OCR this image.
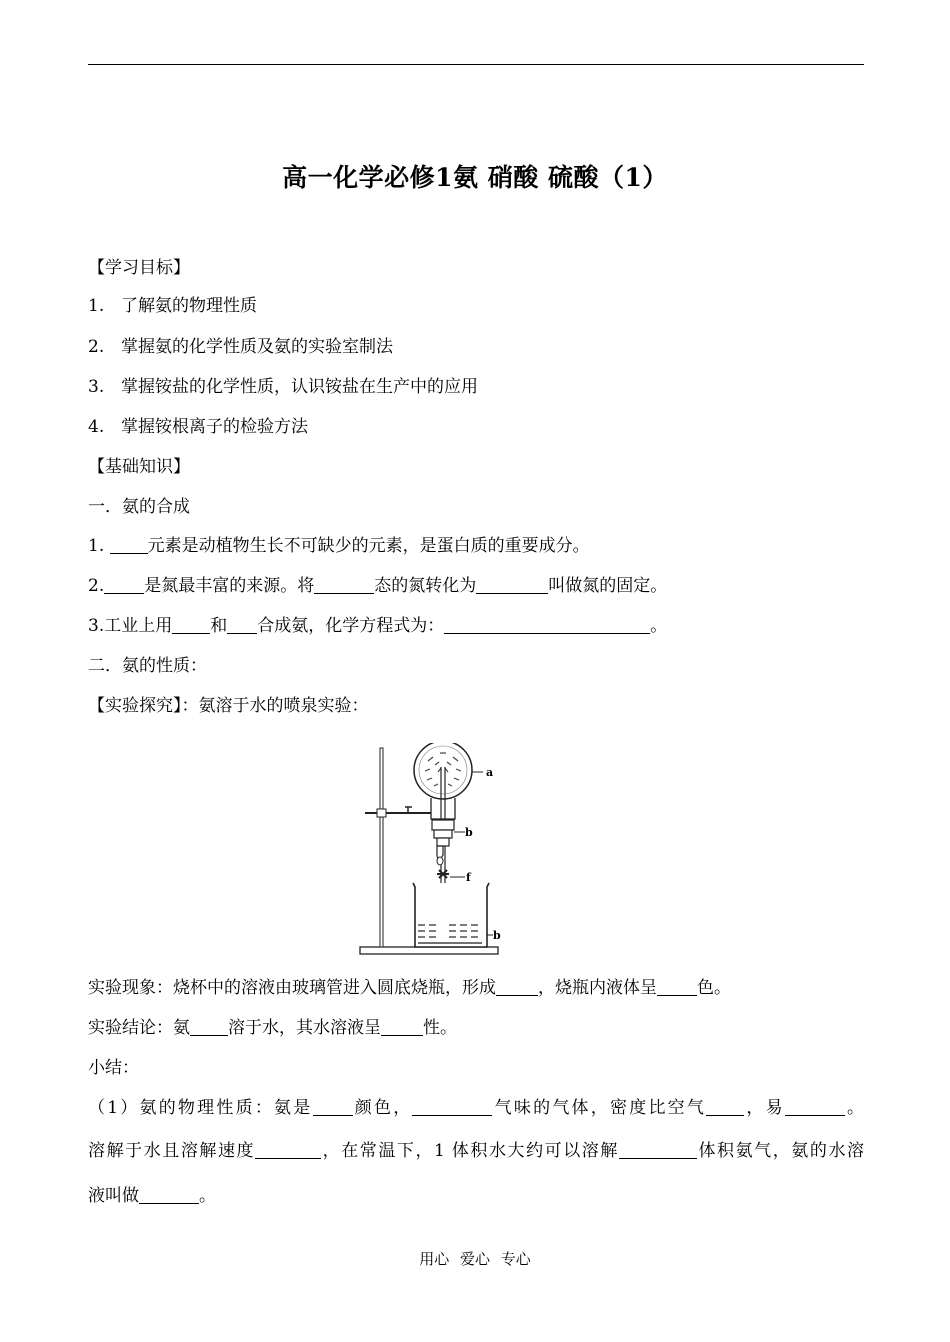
高一化学必修1氨 硝酸 硫酸（1）
【学习目标】
1. 了解氨的物理性质
2. 掌握氨的化学性质及氨的实验室制法
3. 掌握铵盐的化学性质，认识铵盐在生产中的应用
4. 掌握铵根离子的检验方法
【基础知识】
一．氨的合成
1. 元素是动植物生长不可缺少的元素，是蛋白质的重要成分。
2. 是氮最丰富的来源。将	态的氮转化为	叫做氮的固定。
3.工业上用 和 合成氨，化学方程式为：	。
二．氨的性质：
【实验探究】：氨溶于水的喷泉实验：
a
b
f
b
实验现象：烧杯中的溶液由玻璃管进入圆底烧瓶，形成 ，烧瓶内液体呈 色。
实验结论：氨 溶于水，其水溶液呈 性。
小结：
（1）氨的物理性质：氨是 颜色，	气味的气体，密度比空气 ，易	。
溶解于水且溶解速度	，在常温下，1 体积水大约可以溶解	体积氨气，氨的水溶
液叫做	。
用心 爱心 专心
